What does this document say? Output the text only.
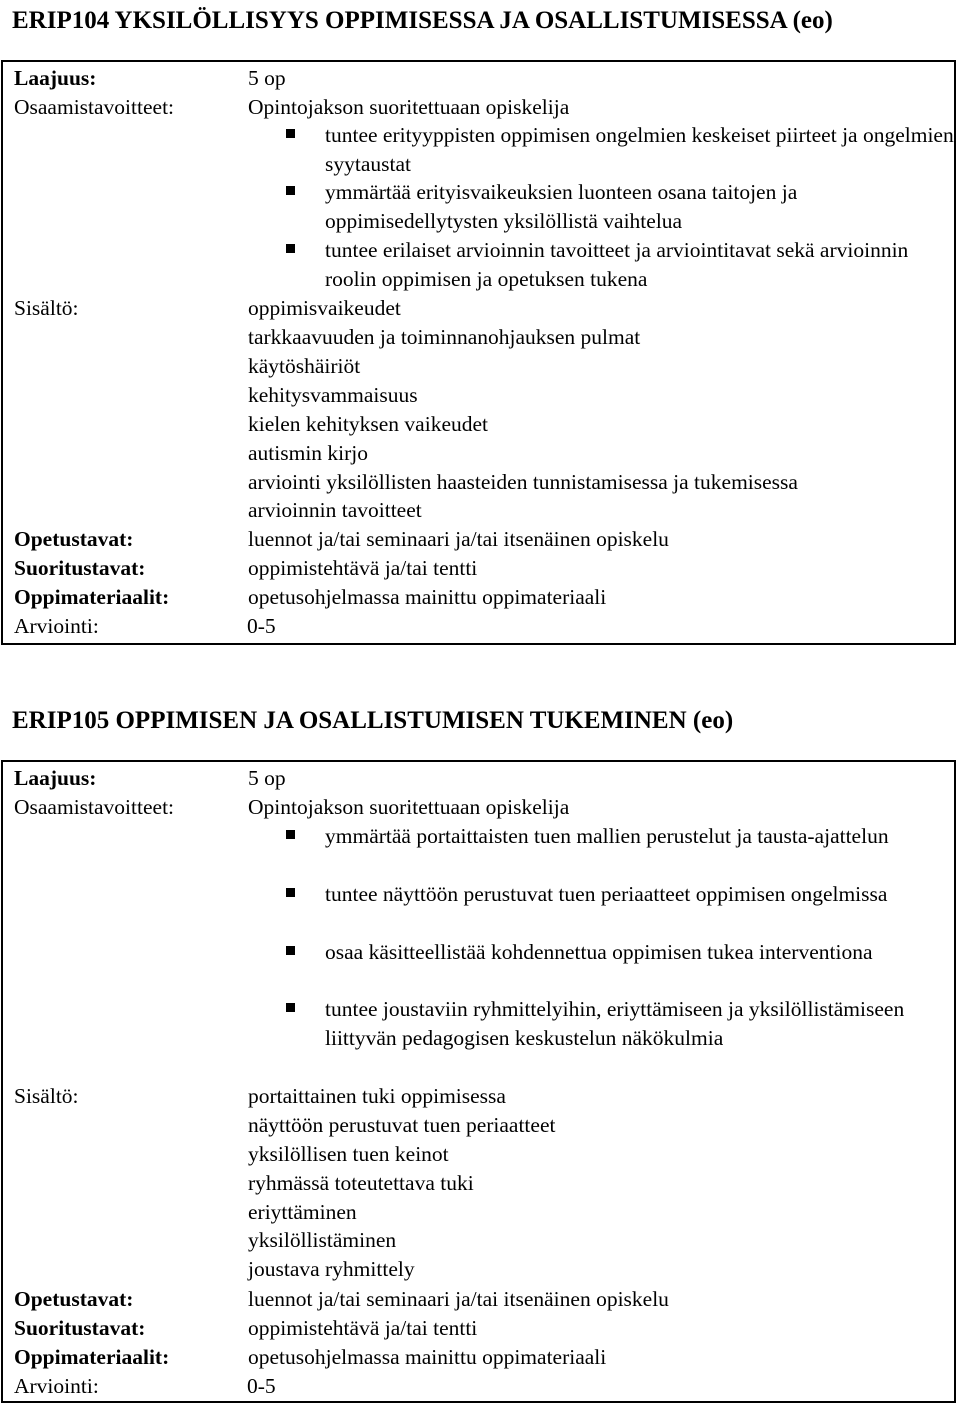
ERIP104 YKSILÖLLISYYS OPPIMISESSA JA OSALLISTUMISESSA (eo)
Laajuus:	5 op
Osaamistavoitteet:	Opintojakson suoritettuaan opiskelija
tuntee erityyppisten oppimisen ongelmien keskeiset piirteet ja ongelmien syytaustat
ymmärtää erityisvaikeuksien luonteen osana taitojen ja oppimisedellytysten yksilöllistä vaihtelua
tuntee erilaiset arvioinnin tavoitteet ja arviointitavat sekä arvioinnin roolin oppimisen ja opetuksen tukena
Sisältö:	oppimisvaikeudet
tarkkaavuuden ja toiminnanohjauksen pulmat
käytöshäiriöt
kehitysvammaisuus
kielen kehityksen vaikeudet
autismin kirjo
arviointi yksilöllisten haasteiden tunnistamisessa ja tukemisessa
arvioinnin tavoitteet
Opetustavat:	luennot ja/tai seminaari ja/tai itsenäinen opiskelu
Suoritustavat:	oppimistehtävä ja/tai tentti
Oppimateriaalit:	opetusohjelmassa mainittu oppimateriaali
Arviointi:	0-5
ERIP105 OPPIMISEN JA OSALLISTUMISEN TUKEMINEN (eo)
Laajuus:	5 op
Osaamistavoitteet:	Opintojakson suoritettuaan opiskelija
ymmärtää portaittaisten tuen mallien perustelut ja tausta-ajattelun
tuntee näyttöön perustuvat tuen periaatteet oppimisen ongelmissa
osaa käsitteellistää kohdennettua oppimisen tukea interventiona
tuntee joustaviin ryhmittelyihin, eriyttämiseen ja yksilöllistämiseen liittyvän pedagogisen keskustelun näkökulmia
Sisältö:	portaittainen tuki oppimisessa
näyttöön perustuvat tuen periaatteet
yksilöllisen tuen keinot
ryhmässä toteutettava tuki
eriyttäminen
yksilöllistäminen
joustava ryhmittely
Opetustavat:	luennot ja/tai seminaari ja/tai itsenäinen opiskelu
Suoritustavat:	oppimistehtävä ja/tai tentti
Oppimateriaalit:	opetusohjelmassa mainittu oppimateriaali
Arviointi:	0-5
